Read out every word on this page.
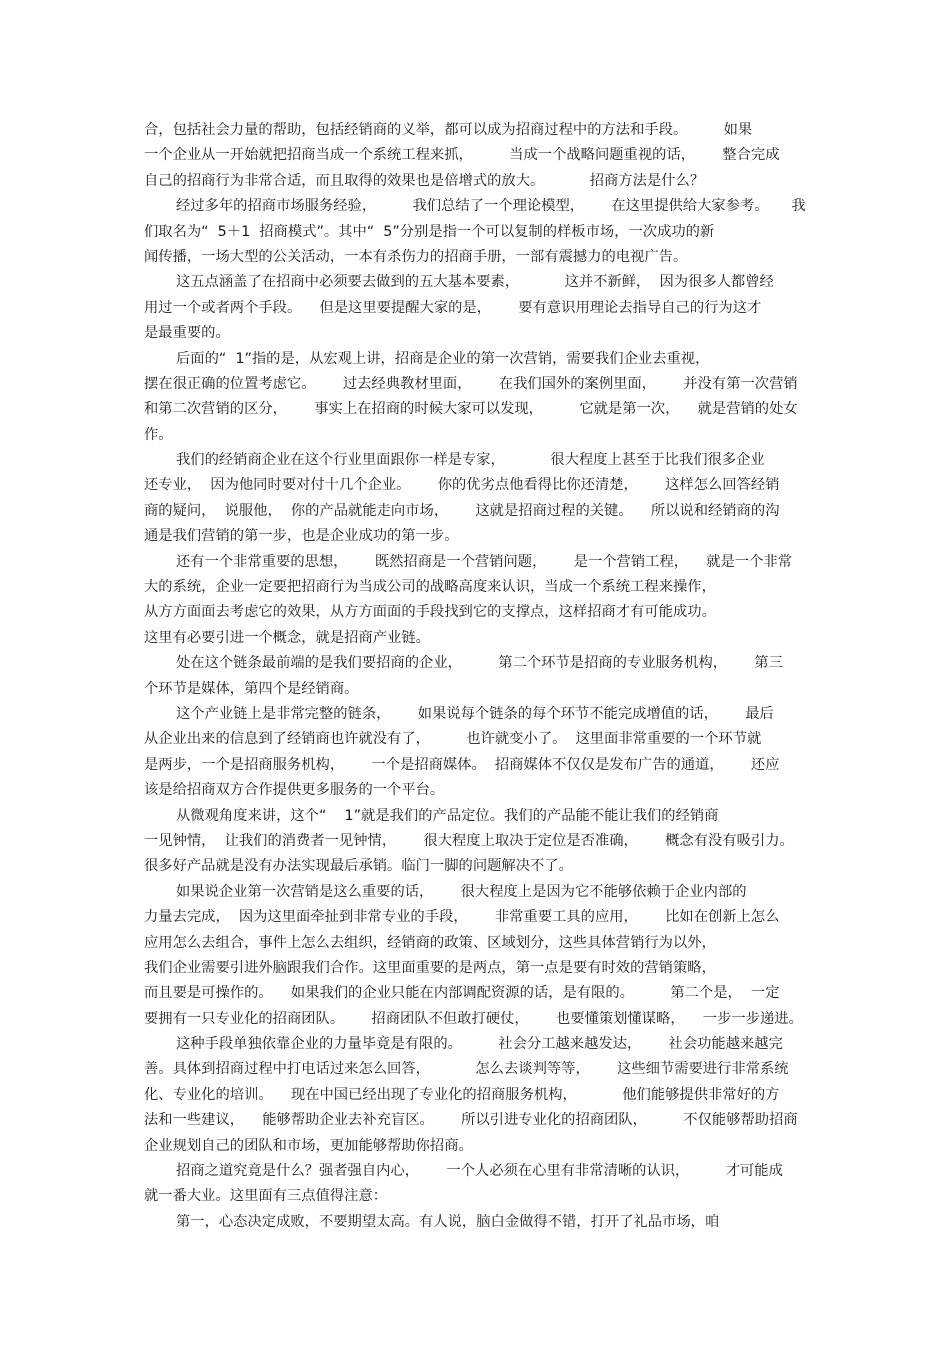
合，包括社会力量的帮助，包括经销商的义举，都可以成为招商过程中的方法和手段。        如果
一个企业从一开始就把招商当成一个系统工程来抓，        当成一个战略问题重视的话，      整合完成
自己的招商行为非常合适，而且取得的效果也是倍增式的放大。          招商方法是什么？
经过多年的招商市场服务经验，        我们总结了一个理论模型，      在这里提供给大家参考。     我
们取名为“  5＋1  招商模式”。其中“  5”分别是指一个可以复制的样板市场，一次成功的新
闻传播，一场大型的公关活动，一本有杀伤力的招商手册，一部有震撼力的电视广告。
这五点涵盖了在招商中必须要去做到的五大基本要素，          这并不新鲜，  因为很多人都曾经
用过一个或者两个手段。    但是这里要提醒大家的是，      要有意识用理论去指导自己的行为这才
是最重要的。
后面的“  1”指的是，从宏观上讲，招商是企业的第一次营销，需要我们企业去重视，
摆在很正确的位置考虑它。      过去经典教材里面，      在我们国外的案例里面，      并没有第一次营销
和第二次营销的区分，      事实上在招商的时候大家可以发现，        它就是第一次，    就是营销的处女
作。
我们的经销商企业在这个行业里面跟你一样是专家，          很大程度上甚至于比我们很多企业
还专业，  因为他同时要对付十几个企业。      你的优劣点他看得比你还清楚，      这样怎么回答经销
商的疑问，  说服他，  你的产品就能走向市场，      这就是招商过程的关键。    所以说和经销商的沟
通是我们营销的第一步，也是企业成功的第一步。
还有一个非常重要的思想，      既然招商是一个营销问题，      是一个营销工程，    就是一个非常
大的系统，企业一定要把招商行为当成公司的战略高度来认识，当成一个系统工程来操作，
从方方面面去考虑它的效果，从方方面面的手段找到它的支撑点，这样招商才有可能成功。
这里有必要引进一个概念，就是招商产业链。
处在这个链条最前端的是我们要招商的企业，        第二个环节是招商的专业服务机构，      第三
个环节是媒体，第四个是经销商。
这个产业链上是非常完整的链条，      如果说每个链条的每个环节不能完成增值的话，      最后
从企业出来的信息到了经销商也许就没有了，        也许就变小了。  这里面非常重要的一个环节就
是两步，一个是招商服务机构，      一个是招商媒体。  招商媒体不仅仅是发布广告的通道，      还应
该是给招商双方合作提供更多服务的一个平台。
从微观角度来讲，这个“    1”就是我们的产品定位。我们的产品能不能让我们的经销商
一见钟情，  让我们的消费者一见钟情，      很大程度上取决于定位是否准确，      概念有没有吸引力。
很多好产品就是没有办法实现最后承销。临门一脚的问题解决不了。
如果说企业第一次营销是这么重要的话，      很大程度上是因为它不能够依赖于企业内部的
力量去完成，  因为这里面牵扯到非常专业的手段，      非常重要工具的应用，      比如在创新上怎么
应用怎么去组合，事件上怎么去组织，经销商的政策、区域划分，这些具体营销行为以外，
我们企业需要引进外脑跟我们合作。这里面重要的是两点，第一点是要有时效的营销策略，
而且要是可操作的。    如果我们的企业只能在内部调配资源的话，是有限的。        第二个是，  一定
要拥有一只专业化的招商团队。      招商团队不但敢打硬仗，      也要懂策划懂谋略，    一步一步递进。
这种手段单独依靠企业的力量毕竟是有限的。        社会分工越来越发达，      社会功能越来越完
善。具体到招商过程中打电话过来怎么回答，          怎么去谈判等等，      这些细节需要进行非常系统
化、专业化的培训。    现在中国已经出现了专业化的招商服务机构，          他们能够提供非常好的方
法和一些建议，    能够帮助企业去补充盲区。      所以引进专业化的招商团队，        不仅能够帮助招商
企业规划自己的团队和市场，更加能够帮助你招商。
招商之道究竟是什么？强者强自内心，      一个人必须在心里有非常清晰的认识，        才可能成
就一番大业。这里面有三点值得注意：
第一，心态决定成败，不要期望太高。有人说，脑白金做得不错，打开了礼品市场，咱
